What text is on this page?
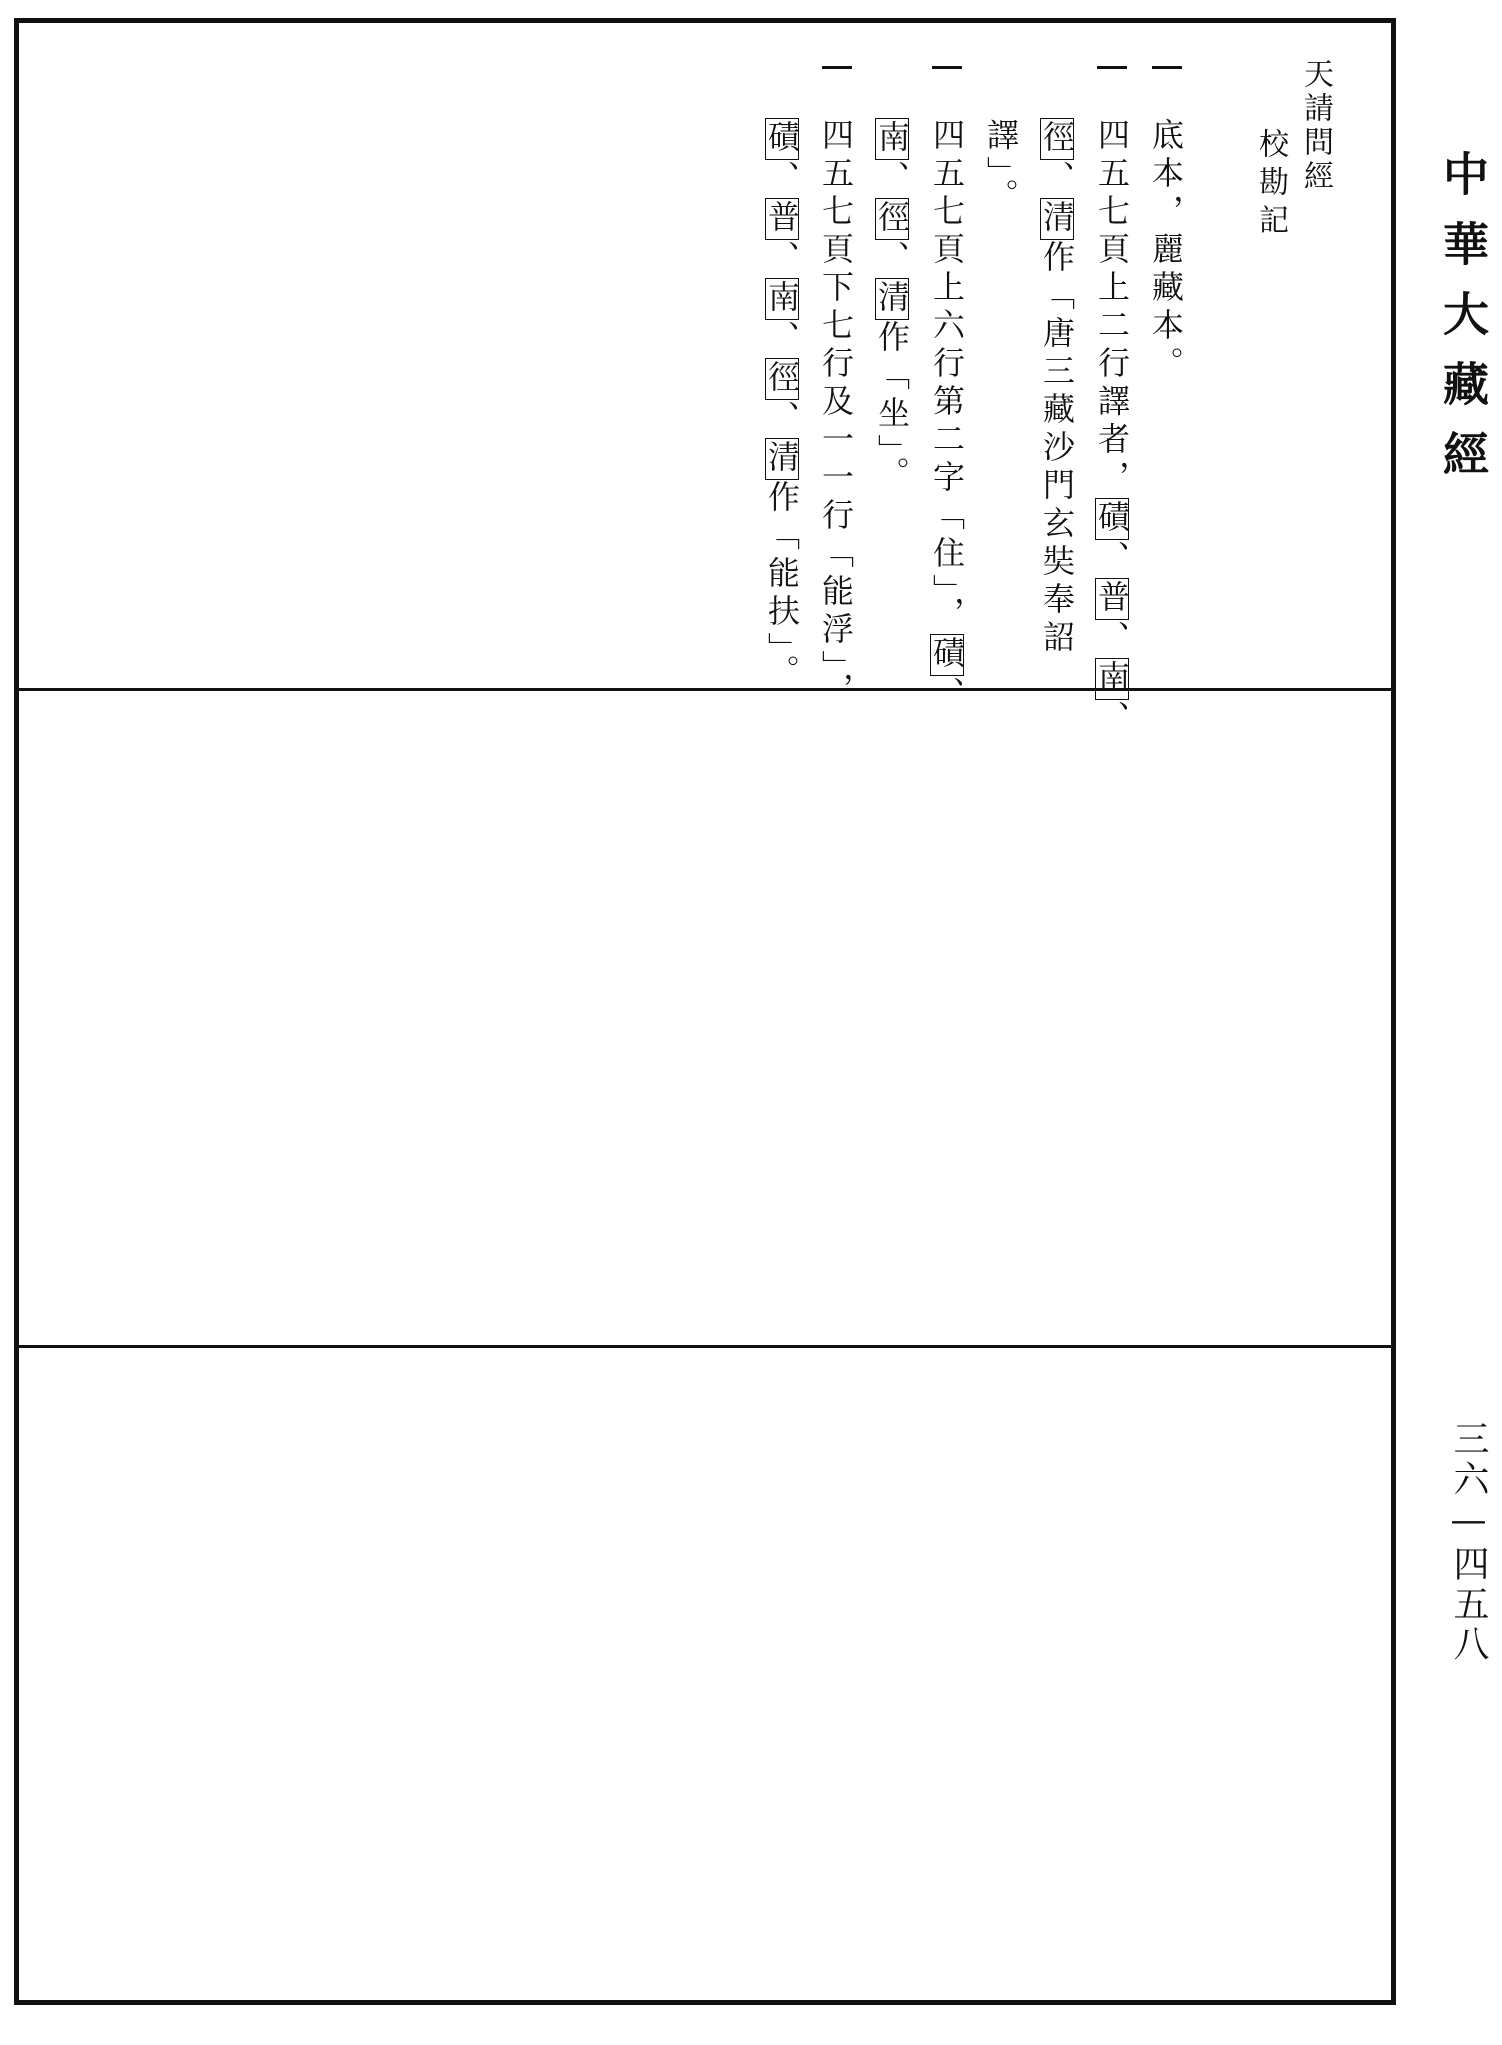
天請問經
校勘記
底本，麗藏本。
四五七頁上二行譯者，磧、普、南、
徑、清作「唐三藏沙門玄奘奉詔
譯」。
四五七頁上六行第二字「住」，磧、
南、徑、清作「坐」。
四五七頁下七行及一一行「能浮」，
磧、普、南、徑、清作「能扶」。
中華大藏經
三六—四五八
